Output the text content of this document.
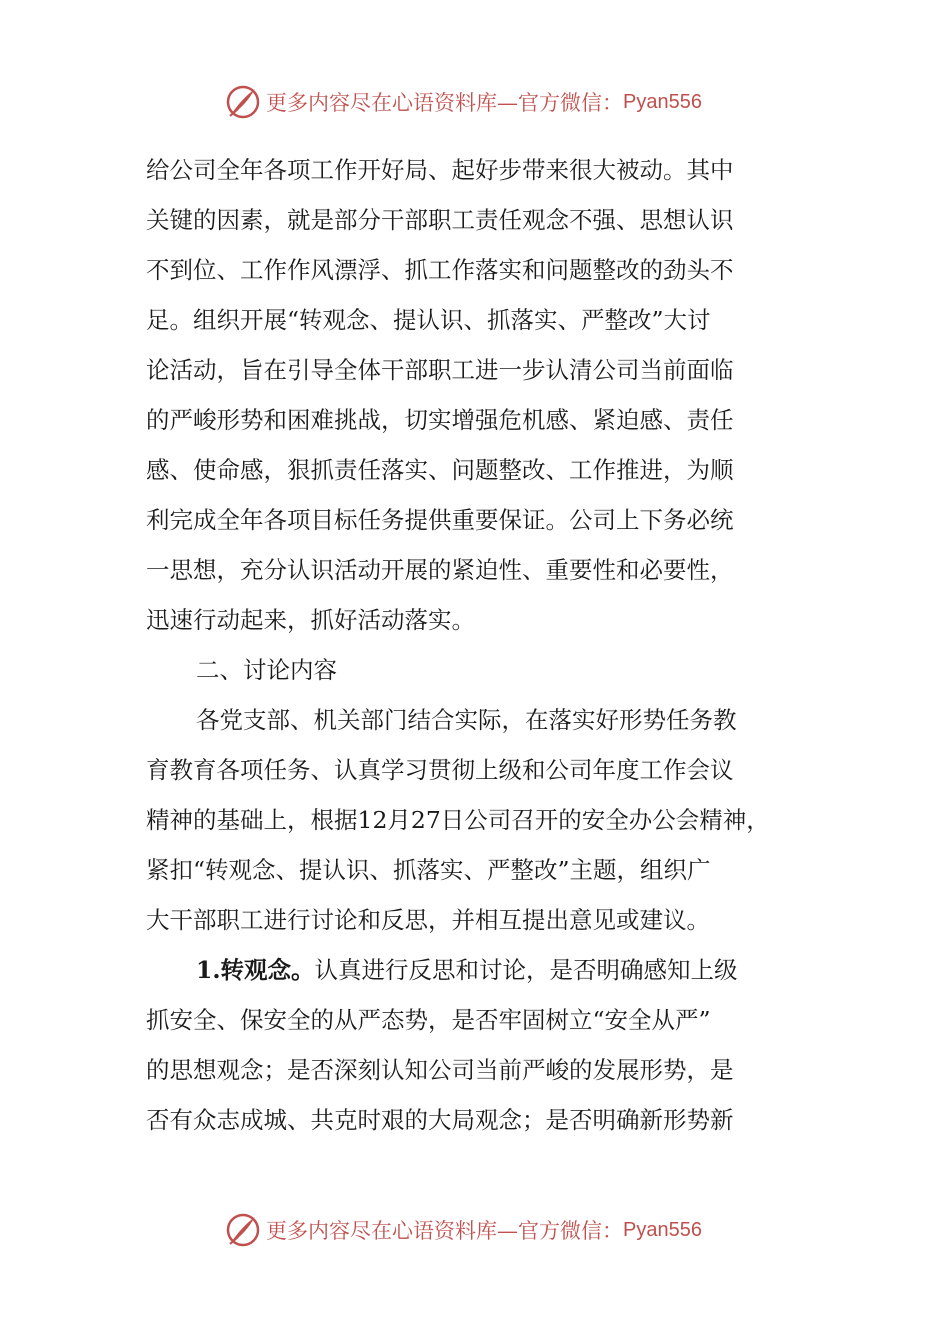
更多内容尽在心语资料库—官方微信： Pyan556
给公司全年各项工作开好局、起好步带来很大被动。其中
关键的因素，就是部分干部职工责任观念不强、思想认识
不到位、工作作风漂浮、抓工作落实和问题整改的劲头不
足。组织开展“转观念、提认识、抓落实、严整改”大讨
论活动，旨在引导全体干部职工进一步认清公司当前面临
的严峻形势和困难挑战，切实增强危机感、紧迫感、责任
感、使命感，狠抓责任落实、问题整改、工作推进，为顺
利完成全年各项目标任务提供重要保证。公司上下务必统
一思想，充分认识活动开展的紧迫性、重要性和必要性，
迅速行动起来，抓好活动落实。
二、讨论内容
各党支部、机关部门结合实际，在落实好形势任务教
育教育各项任务、认真学习贯彻上级和公司年度工作会议
精神的基础上，根据12月27日公司召开的安全办公会精神，
紧扣“转观念、提认识、抓落实、严整改”主题，组织广
大干部职工进行讨论和反思，并相互提出意见或建议。
1.转观念。认真进行反思和讨论，是否明确感知上级
抓安全、保安全的从严态势，是否牢固树立“安全从严”
的思想观念；是否深刻认知公司当前严峻的发展形势，是
否有众志成城、共克时艰的大局观念；是否明确新形势新
更多内容尽在心语资料库—官方微信： Pyan556
